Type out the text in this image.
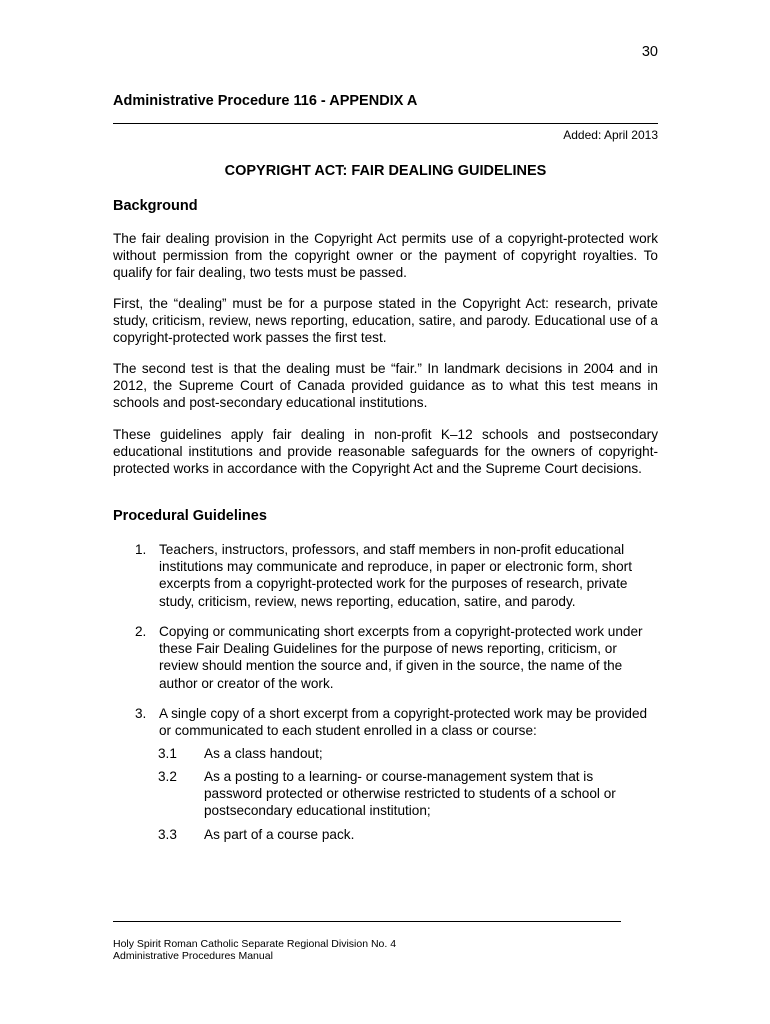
30
Administrative Procedure 116 - APPENDIX A
Added: April 2013
COPYRIGHT ACT: FAIR DEALING GUIDELINES
Background

The fair dealing provision in the Copyright Act permits use of a copyright-protected work without permission from the copyright owner or the payment of copyright royalties. To qualify for fair dealing, two tests must be passed.

First, the “dealing” must be for a purpose stated in the Copyright Act: research, private study, criticism, review, news reporting, education, satire, and parody. Educational use of a copyright-protected work passes the first test.

The second test is that the dealing must be “fair.” In landmark decisions in 2004 and in 2012, the Supreme Court of Canada provided guidance as to what this test means in schools and post-secondary educational institutions.

These guidelines apply fair dealing in non-profit K–12 schools and postsecondary educational institutions and provide reasonable safeguards for the owners of copyright-protected works in accordance with the Copyright Act and the Supreme Court decisions.

Procedural Guidelines
1. Teachers, instructors, professors, and staff members in non-profit educational institutions may communicate and reproduce, in paper or electronic form, short excerpts from a copyright-protected work for the purposes of research, private study, criticism, review, news reporting, education, satire, and parody.
2. Copying or communicating short excerpts from a copyright-protected work under these Fair Dealing Guidelines for the purpose of news reporting, criticism, or review should mention the source and, if given in the source, the name of the author or creator of the work.
3. A single copy of a short excerpt from a copyright-protected work may be provided or communicated to each student enrolled in a class or course:
3.1 As a class handout;
3.2 As a posting to a learning- or course-management system that is password protected or otherwise restricted to students of a school or postsecondary educational institution;
3.3 As part of a course pack.
Holy Spirit Roman Catholic Separate Regional Division No. 4
Administrative Procedures Manual
